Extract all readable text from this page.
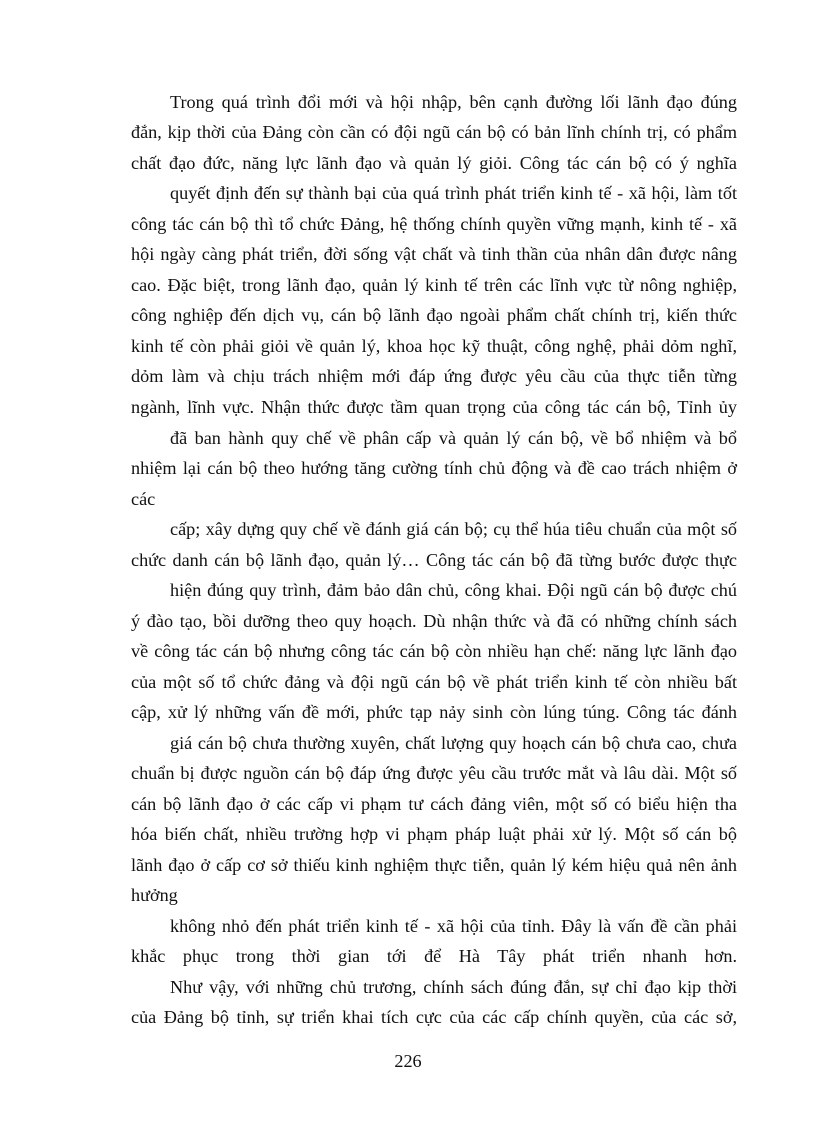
Trong quá trình đổi mới và hội nhập, bên cạnh đường lối lãnh đạo đúng
đắn, kịp thời của Đảng còn cần có đội ngũ cán bộ có bản lĩnh chính trị, có phẩm
chất đạo đức, năng lực lãnh đạo và quản lý giỏi. Công tác cán bộ có ý nghĩa
quyết định đến sự thành bại của quá trình phát triển kinh tế - xã hội, làm tốt
công tác cán bộ thì tổ chức Đảng, hệ thống chính quyền vững mạnh, kinh tế - xã
hội ngày càng phát triển, đời sống vật chất và tinh thần của nhân dân được nâng
cao. Đặc biệt, trong lãnh đạo, quản lý kinh tế trên các lĩnh vực từ nông nghiệp,
công nghiệp đến dịch vụ, cán bộ lãnh đạo ngoài phẩm chất chính trị, kiến thức
kinh tế còn phải giỏi về quản lý, khoa học kỹ thuật, công nghệ, phải dỏm nghĩ,
dỏm làm và chịu trách nhiệm mới đáp ứng được yêu cầu của thực tiễn từng
ngành, lĩnh vực. Nhận thức được tầm quan trọng của công tác cán bộ, Tỉnh ủy
đã ban hành quy chế về phân cấp và quản lý cán bộ, về bổ nhiệm và bổ
nhiệm lại cán bộ theo hướng tăng cường tính chủ động và đề cao trách nhiệm ở
các
cấp; xây dựng quy chế về đánh giá cán bộ; cụ thể húa tiêu chuẩn của một số
chức danh cán bộ lãnh đạo, quản lý… Công tác cán bộ đã từng bước được thực
hiện đúng quy trình, đảm bảo dân chủ, công khai. Đội ngũ cán bộ được chú
ý đào tạo, bồi dưỡng theo quy hoạch. Dù nhận thức và đã có những chính sách
về công tác cán bộ nhưng công tác cán bộ còn nhiều hạn chế: năng lực lãnh đạo
của một số tổ chức đảng và đội ngũ cán bộ về phát triển kinh tế còn nhiều bất
cập, xử lý những vấn đề mới, phức tạp nảy sinh còn lúng túng. Công tác đánh
giá cán bộ chưa thường xuyên, chất lượng quy hoạch cán bộ chưa cao, chưa
chuẩn bị được nguồn cán bộ đáp ứng được yêu cầu trước mắt và lâu dài. Một số
cán bộ lãnh đạo ở các cấp vi phạm tư cách đảng viên, một số có biểu hiện tha
hóa biến chất, nhiều trường hợp vi phạm pháp luật phải xử lý. Một số cán bộ
lãnh đạo ở cấp cơ sở thiếu kinh nghiệm thực tiễn, quản lý kém hiệu quả nên ảnh
hưởng
không nhỏ đến phát triển kinh tế - xã hội của tỉnh. Đây là vấn đề cần phải
khắc phục trong thời gian tới để Hà Tây phát triển nhanh hơn.
Như vậy, với những chủ trương, chính sách đúng đắn, sự chỉ đạo kịp thời
của Đảng bộ tỉnh, sự triển khai tích cực của các cấp chính quyền, của các sở,
226
